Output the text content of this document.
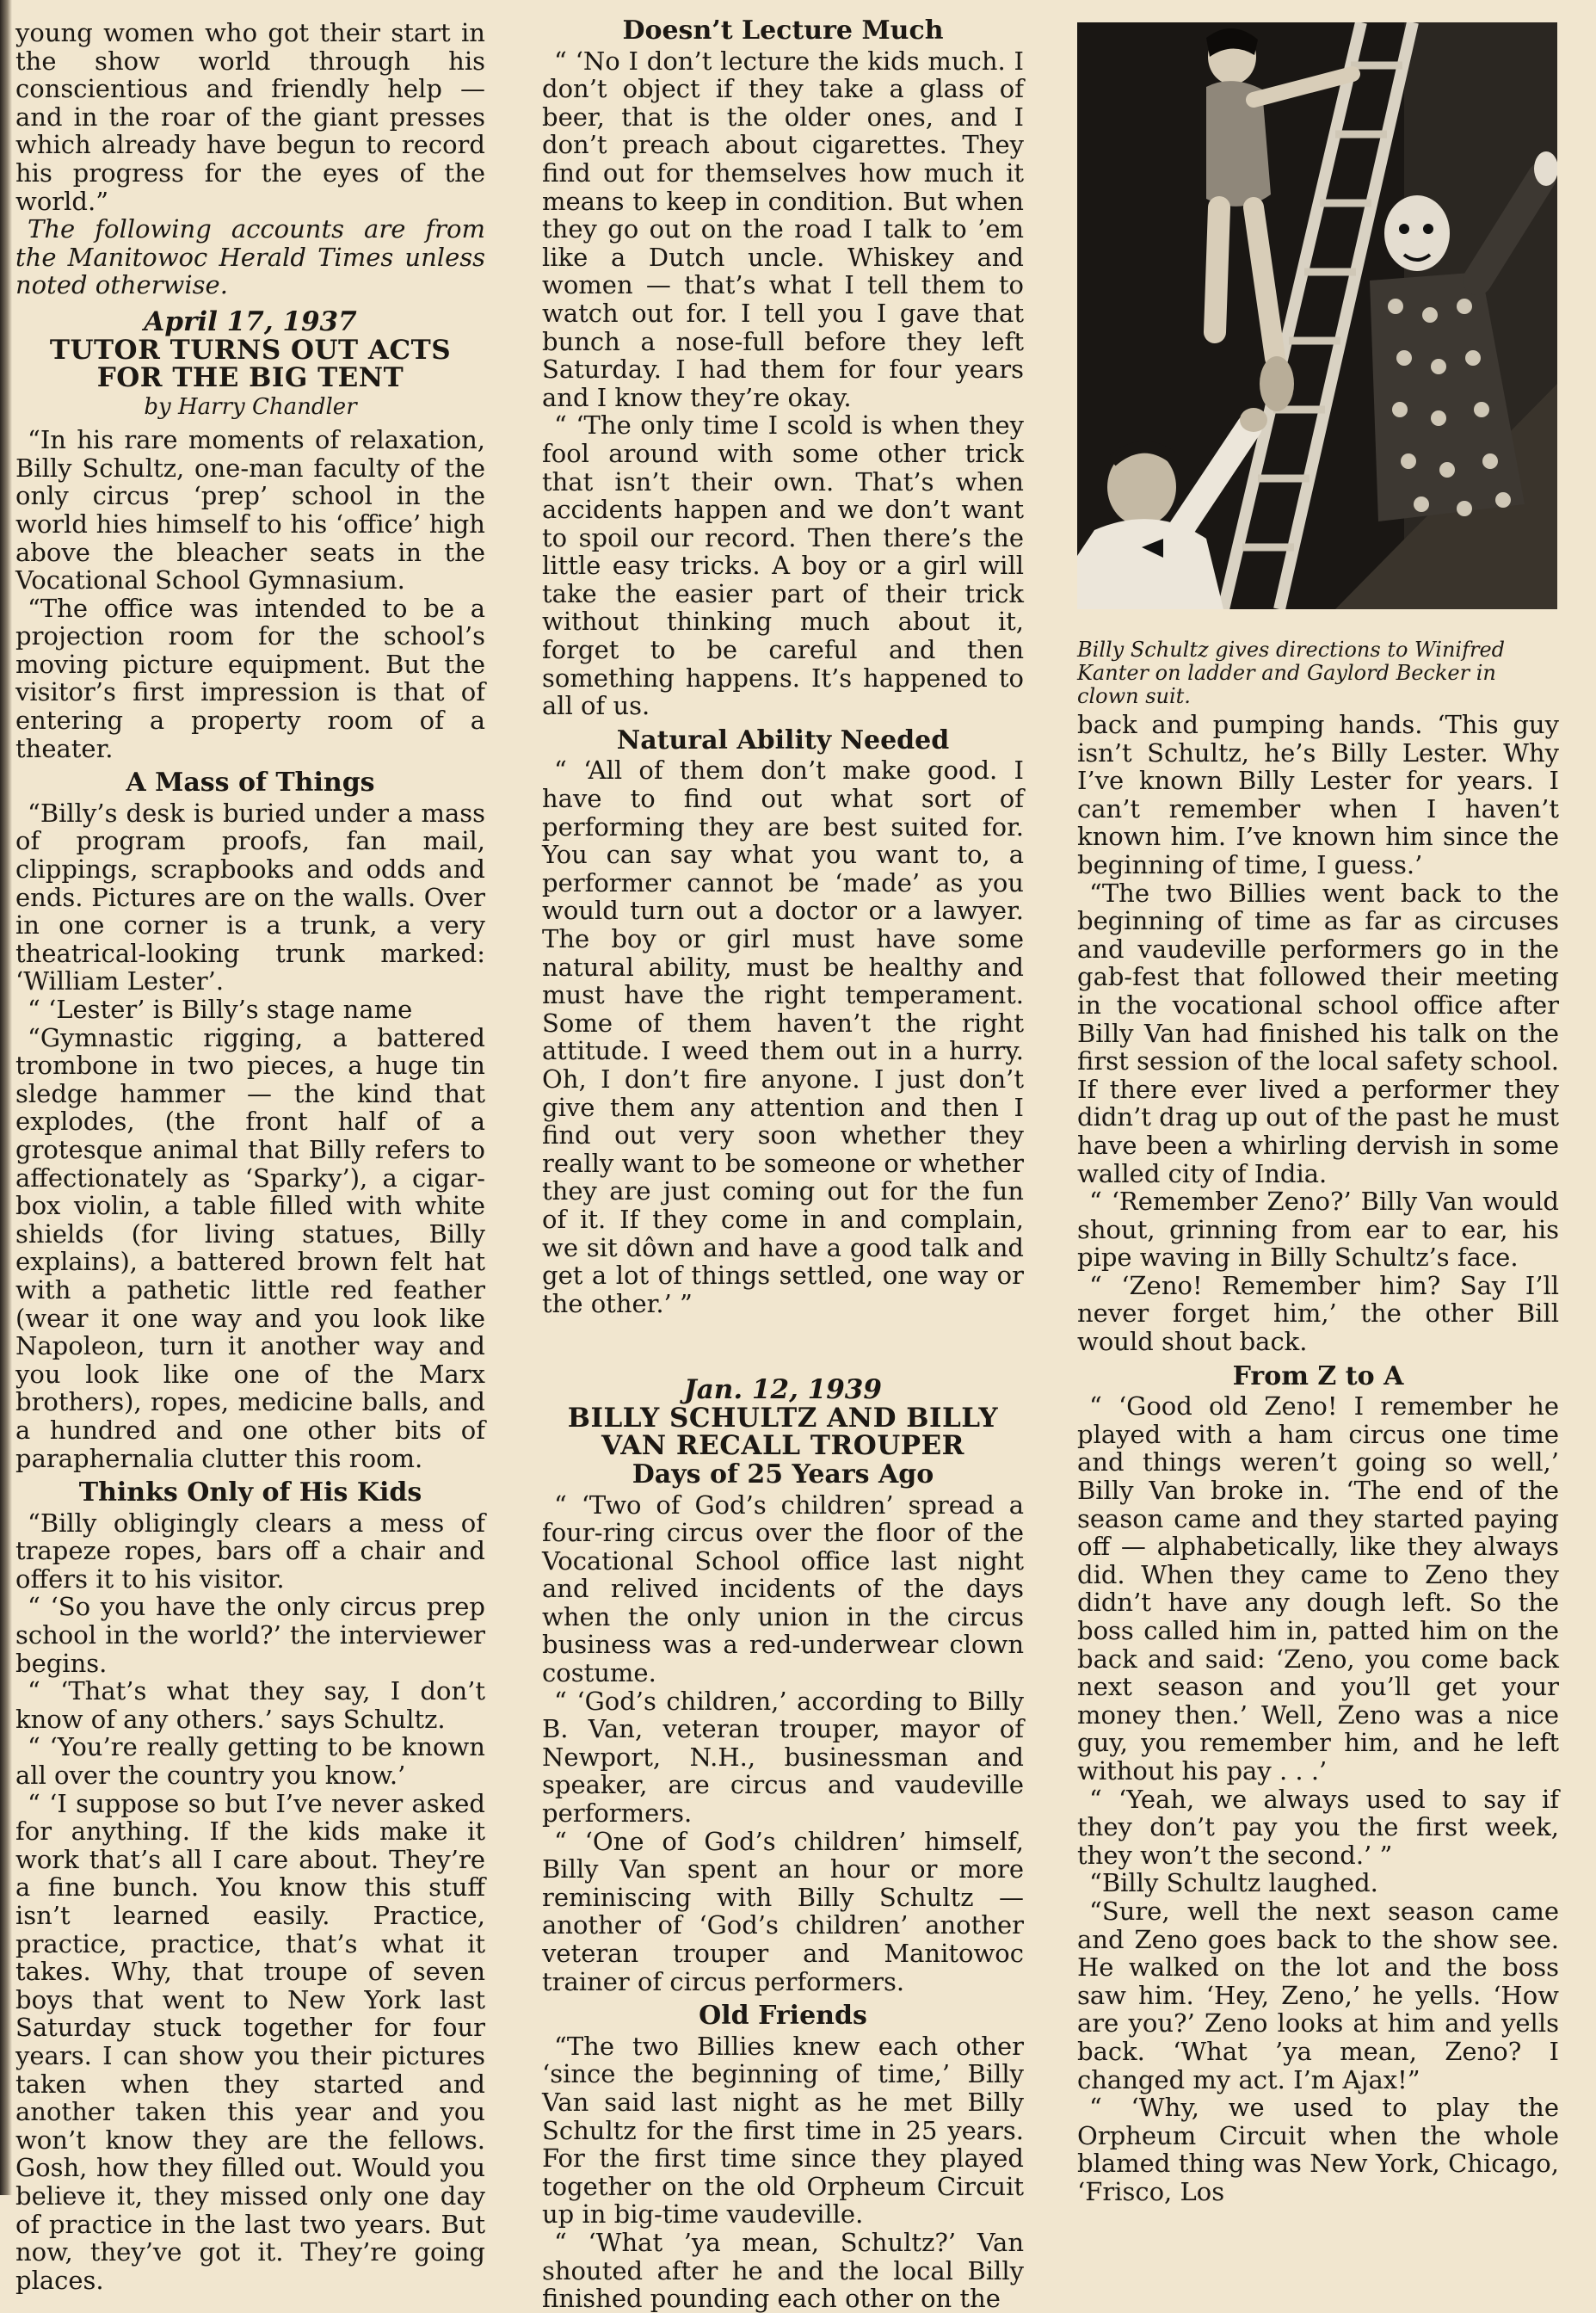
young women who got their start in the show world through his conscientious and friendly help — and in the roar of the giant presses which already have begun to record his progress for the eyes of the world.”

The following accounts are from the Manitowoc Herald Times unless noted otherwise.

April 17, 1937
TUTOR TURNS OUT ACTS FOR THE BIG TENT
by Harry Chandler

“In his rare moments of relaxation, Billy Schultz, one-man faculty of the only circus ‘prep’ school in the world hies himself to his ‘office’ high above the bleacher seats in the Vocational School Gymnasium.

“The office was intended to be a projection room for the school’s moving picture equipment. But the visitor’s first impression is that of entering a property room of a theater.

A Mass of Things

“Billy’s desk is buried under a mass of program proofs, fan mail, clippings, scrapbooks and odds and ends. Pictures are on the walls. Over in one corner is a trunk, a very theatrical-looking trunk marked: ‘William Lester’.

“ ‘Lester’ is Billy’s stage name

“Gymnastic rigging, a battered trombone in two pieces, a huge tin sledge hammer — the kind that explodes, (the front half of a grotesque animal that Billy refers to affectionately as ‘Sparky’), a cigar-box violin, a table filled with white shields (for living statues, Billy explains), a battered brown felt hat with a pathetic little red feather (wear it one way and you look like Napoleon, turn it another way and you look like one of the Marx brothers), ropes, medicine balls, and a hundred and one other bits of paraphernalia clutter this room.

Thinks Only of His Kids

“Billy obligingly clears a mess of trapeze ropes, bars off a chair and offers it to his visitor.

“ ‘So you have the only circus prep school in the world?’ the interviewer begins.

“ ‘That’s what they say, I don’t know of any others.’ says Schultz.

“ ‘You’re really getting to be known all over the country you know.’

“ ‘I suppose so but I’ve never asked for anything. If the kids make it work that’s all I care about. They’re a fine bunch. You know this stuff isn’t learned easily. Practice, practice, practice, that’s what it takes. Why, that troupe of seven boys that went to New York last Saturday stuck together for four years. I can show you their pictures taken when they started and another taken this year and you won’t know they are the fellows. Gosh, how they filled out. Would you believe it, they missed only one day of practice in the last two years. But now, they’ve got it. They’re going places.

Doesn’t Lecture Much

“ ‘No I don’t lecture the kids much. I don’t object if they take a glass of beer, that is the older ones, and I don’t preach about cigarettes. They find out for themselves how much it means to keep in condition. But when they go out on the road I talk to ’em like a Dutch uncle. Whiskey and women — that’s what I tell them to watch out for. I tell you I gave that bunch a nose-full before they left Saturday. I had them for four years and I know they’re okay.

“ ‘The only time I scold is when they fool around with some other trick that isn’t their own. That’s when accidents happen and we don’t want to spoil our record. Then there’s the little easy tricks. A boy or a girl will take the easier part of their trick without thinking much about it, forget to be careful and then something happens. It’s happened to all of us.

Natural Ability Needed

“ ‘All of them don’t make good. I have to find out what sort of performing they are best suited for. You can say what you want to, a performer cannot be ‘made’ as you would turn out a doctor or a lawyer. The boy or girl must have some natural ability, must be healthy and must have the right temperament. Some of them haven’t the right attitude. I weed them out in a hurry. Oh, I don’t fire anyone. I just don’t give them any attention and then I find out very soon whether they really want to be someone or whether they are just coming out for the fun of it. If they come in and complain, we sit dôwn and have a good talk and get a lot of things settled, one way or the other.’ ”

Jan. 12, 1939
BILLY SCHULTZ AND BILLY VAN RECALL TROUPER
Days of 25 Years Ago

“ ‘Two of God’s children’ spread a four-ring circus over the floor of the Vocational School office last night and relived incidents of the days when the only union in the circus business was a red-underwear clown costume.

“ ‘God’s children,’ according to Billy B. Van, veteran trouper, mayor of Newport, N.H., businessman and speaker, are circus and vaudeville performers.

“ ‘One of God’s children’ himself, Billy Van spent an hour or more reminiscing with Billy Schultz — another of ‘God’s children’ another veteran trouper and Manitowoc trainer of circus performers.

Old Friends

“The two Billies knew each other ‘since the beginning of time,’ Billy Van said last night as he met Billy Schultz for the first time in 25 years. For the first time since they played together on the old Orpheum Circuit up in big-time vaudeville.

“ ‘What ’ya mean, Schultz?’ Van shouted after he and the local Billy finished pounding each other on the

Billy Schultz gives directions to Winifred Kanter on ladder and Gaylord Becker in clown suit.

back and pumping hands. ‘This guy isn’t Schultz, he’s Billy Lester. Why I’ve known Billy Lester for years. I can’t remember when I haven’t known him. I’ve known him since the beginning of time, I guess.’

“The two Billies went back to the beginning of time as far as circuses and vaudeville performers go in the gab-fest that followed their meeting in the vocational school office after Billy Van had finished his talk on the first session of the local safety school. If there ever lived a performer they didn’t drag up out of the past he must have been a whirling dervish in some walled city of India.

“ ‘Remember Zeno?’ Billy Van would shout, grinning from ear to ear, his pipe waving in Billy Schultz’s face.

“ ‘Zeno! Remember him? Say I’ll never forget him,’ the other Bill would shout back.

From Z to A

“ ‘Good old Zeno! I remember he played with a ham circus one time and things weren’t going so well,’ Billy Van broke in. ‘The end of the season came and they started paying off — alphabetically, like they always did. When they came to Zeno they didn’t have any dough left. So the boss called him in, patted him on the back and said: ‘Zeno, you come back next season and you’ll get your money then.’ Well, Zeno was a nice guy, you remember him, and he left without his pay . . .’

“ ‘Yeah, we always used to say if they don’t pay you the first week, they won’t the second.’ ”

“Billy Schultz laughed.

“Sure, well the next season came and Zeno goes back to the show see. He walked on the lot and the boss saw him. ‘Hey, Zeno,’ he yells. ‘How are you?’ Zeno looks at him and yells back. ‘What ’ya mean, Zeno? I changed my act. I’m Ajax!”

“ ‘Why, we used to play the Orpheum Circuit when the whole blamed thing was New York, Chicago, ‘Frisco, Los
